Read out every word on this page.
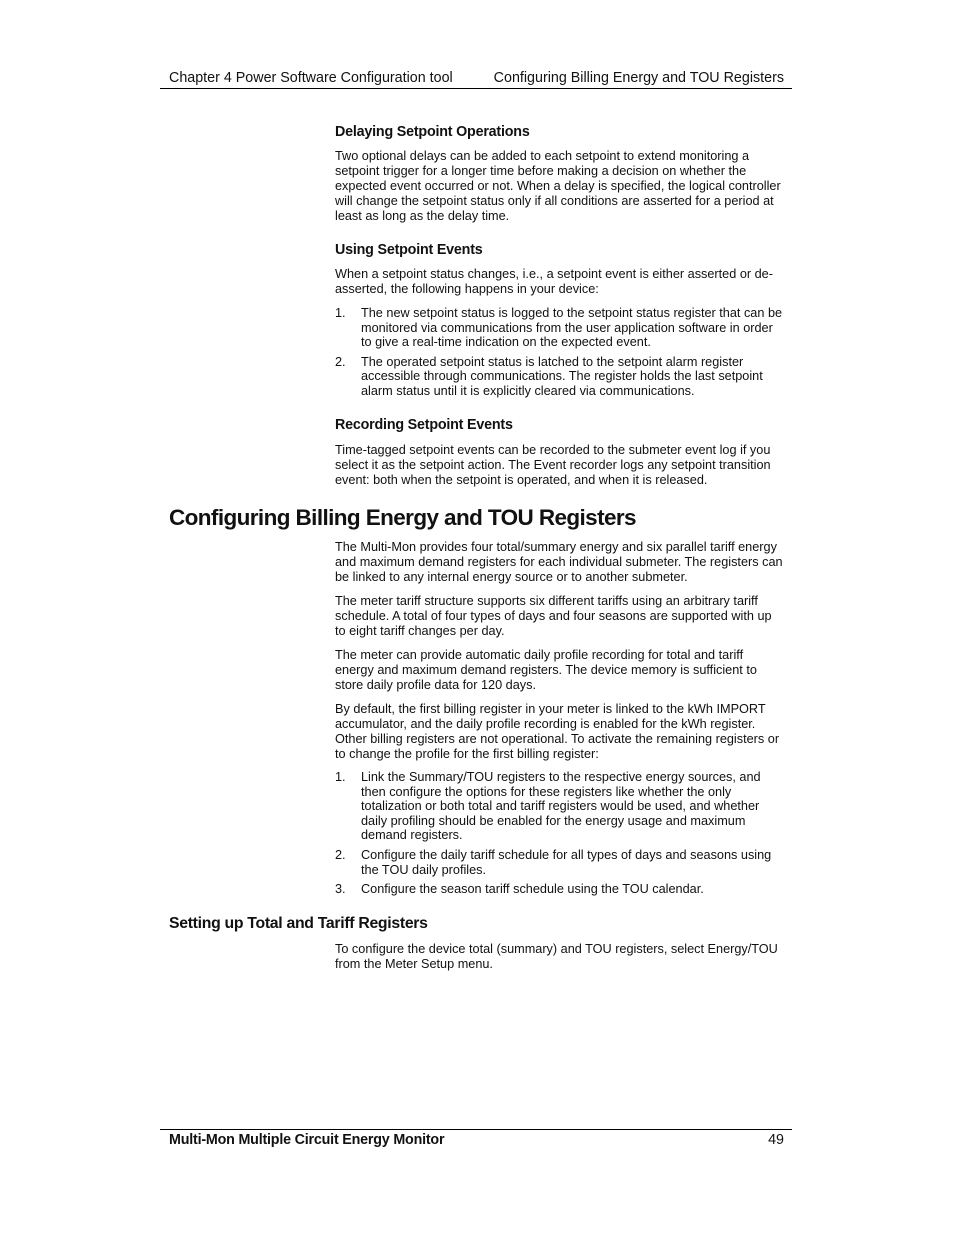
Chapter 4 Power Software Configuration tool	Configuring Billing Energy and TOU Registers
Delaying Setpoint Operations

Two optional delays can be added to each setpoint to extend monitoring a setpoint trigger for a longer time before making a decision on whether the expected event occurred or not. When a delay is specified, the logical controller will change the setpoint status only if all conditions are asserted for a period at least as long as the delay time.

Using Setpoint Events

When a setpoint status changes, i.e., a setpoint event is either asserted or de-asserted, the following happens in your device:

1. The new setpoint status is logged to the setpoint status register that can be monitored via communications from the user application software in order to give a real-time indication on the expected event.
2. The operated setpoint status is latched to the setpoint alarm register accessible through communications. The register holds the last setpoint alarm status until it is explicitly cleared via communications.
Recording Setpoint Events

Time-tagged setpoint events can be recorded to the submeter event log if you select it as the setpoint action. The Event recorder logs any setpoint transition event: both when the setpoint is operated, and when it is released.

Configuring Billing Energy and TOU Registers

The Multi-Mon provides four total/summary energy and six parallel tariff energy and maximum demand registers for each individual submeter. The registers can be linked to any internal energy source or to another submeter.

The meter tariff structure supports six different tariffs using an arbitrary tariff schedule. A total of four types of days and four seasons are supported with up to eight tariff changes per day.

The meter can provide automatic daily profile recording for total and tariff energy and maximum demand registers. The device memory is sufficient to store daily profile data for 120 days.

By default, the first billing register in your meter is linked to the kWh IMPORT accumulator, and the daily profile recording is enabled for the kWh register. Other billing registers are not operational. To activate the remaining registers or to change the profile for the first billing register:

1. Link the Summary/TOU registers to the respective energy sources, and then configure the options for these registers like whether the only totalization or both total and tariff registers would be used, and whether daily profiling should be enabled for the energy usage and maximum demand registers.
2. Configure the daily tariff schedule for all types of days and seasons using the TOU daily profiles.
3. Configure the season tariff schedule using the TOU calendar.
Setting up Total and Tariff Registers

To configure the device total (summary) and TOU registers, select Energy/TOU from the Meter Setup menu.

Multi-Mon Multiple Circuit Energy Monitor	49
